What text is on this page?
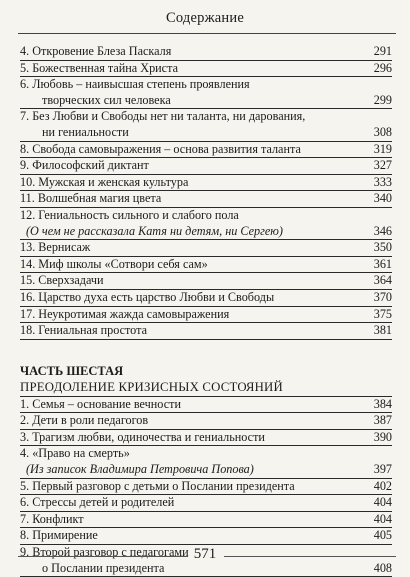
Содержание
4. Откровение Блеза Паскаля	291
5. Божественная тайна Христа	296
6. Любовь – наивысшая степень проявления
творческих сил человека	299
7. Без Любви и Свободы нет ни таланта, ни дарования,
ни гениальности	308
8. Свобода самовыражения – основа развития таланта	319
9. Философский диктант	327
10. Мужская и женская культура	333
11. Волшебная магия цвета	340
12. Гениальность сильного и слабого пола
(О чем не рассказала Катя ни детям, ни Сергею)	346
13. Вернисаж	350
14. Миф школы «Сотвори себя сам»	361
15. Сверхзадачи	364
16. Царство духа есть царство Любви и Свободы	370
17. Неукротимая жажда самовыражения	375
18. Гениальная простота	381
ЧАСТЬ ШЕСТАЯ
ПРЕОДОЛЕНИЕ КРИЗИСНЫХ СОСТОЯНИЙ
1. Семья – основание вечности	384
2. Дети в роли педагогов	387
3. Трагизм любви, одиночества и гениальности	390
4. «Право на смерть»
(Из записок Владимира Петровича Попова)	397
5. Первый разговор с детьми о Послании президента	402
6. Стрессы детей и родителей	404
7. Конфликт	404
8. Примирение	405
9. Второй разговор с педагогами
о Послании президента	408
571
